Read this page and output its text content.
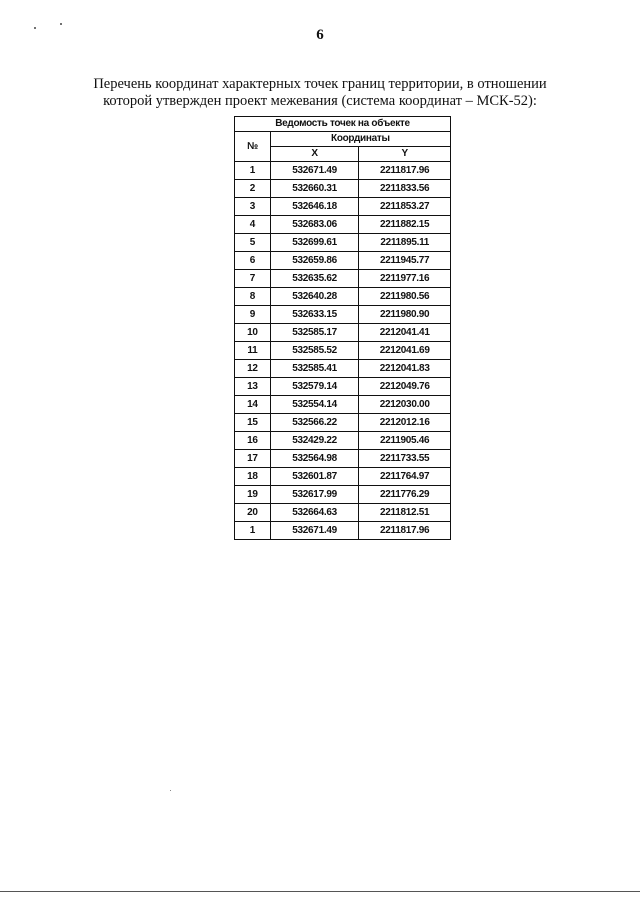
6
Перечень координат характерных точек границ территории, в отношении
которой утвержден проект межевания (система координат – МСК-52):
Ведомость точек на объекте		
№	Координаты	
	X	Y
1	532671.49	2211817.96
2	532660.31	2211833.56
3	532646.18	2211853.27
4	532683.06	2211882.15
5	532699.61	2211895.11
6	532659.86	2211945.77
7	532635.62	2211977.16
8	532640.28	2211980.56
9	532633.15	2211980.90
10	532585.17	2212041.41
11	532585.52	2212041.69
12	532585.41	2212041.83
13	532579.14	2212049.76
14	532554.14	2212030.00
15	532566.22	2212012.16
16	532429.22	2211905.46
17	532564.98	2211733.55
18	532601.87	2211764.97
19	532617.99	2211776.29
20	532664.63	2211812.51
1	532671.49	2211817.96
